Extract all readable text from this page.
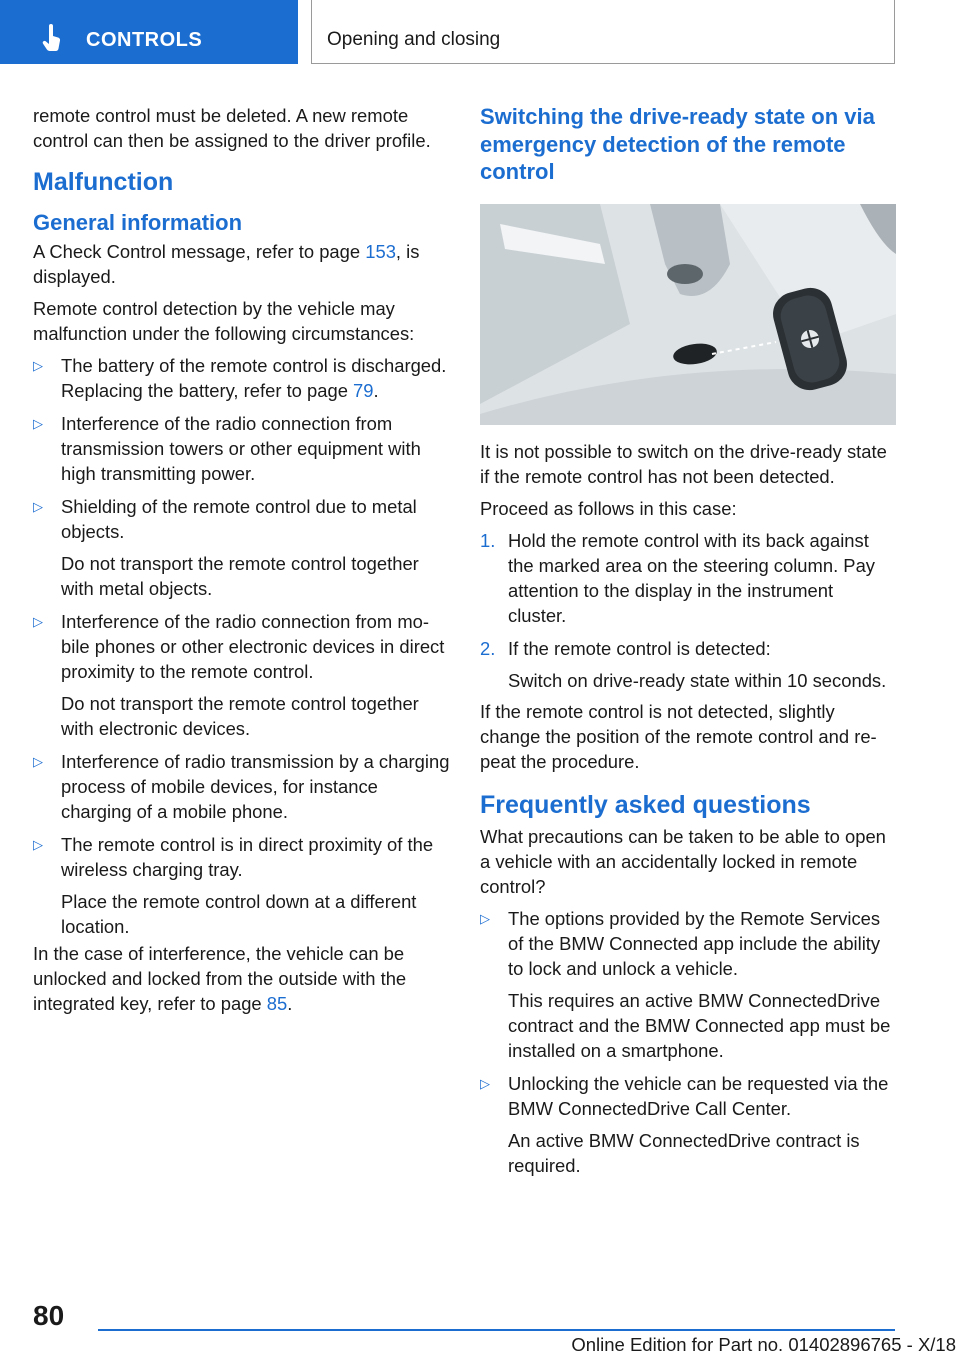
CONTROLS	Opening and closing

remote control must be deleted. A new remote control can then be assigned to the driver profile.

Malfunction
General information

A Check Control message, refer to page 153, is displayed.

Remote control detection by the vehicle may malfunction under the following circumstances:

▷ The battery of the remote control is discharged. Replacing the battery, refer to page 79.
▷ Interference of the radio connection from transmission towers or other equipment with high transmitting power.
▷ Shielding of the remote control due to metal objects.
Do not transport the remote control together with metal objects.
▷ Interference of the radio connection from mobile phones or other electronic devices in direct proximity to the remote control.
Do not transport the remote control together with electronic devices.
▷ Interference of radio transmission by a charging process of mobile devices, for instance charging of a mobile phone.
▷ The remote control is in direct proximity of the wireless charging tray.
Place the remote control down at a different location.

In the case of interference, the vehicle can be unlocked and locked from the outside with the integrated key, refer to page 85.

Switching the drive-ready state on via emergency detection of the remote control

It is not possible to switch on the drive-ready state if the remote control has not been detected.

Proceed as follows in this case:

1. Hold the remote control with its back against the marked area on the steering column. Pay attention to the display in the instrument cluster.
2. If the remote control is detected:
Switch on drive-ready state within 10 seconds.

If the remote control is not detected, slightly change the position of the remote control and repeat the procedure.

Frequently asked questions

What precautions can be taken to be able to open a vehicle with an accidentally locked in remote control?

▷ The options provided by the Remote Services of the BMW Connected app include the ability to lock and unlock a vehicle.
This requires an active BMW ConnectedDrive contract and the BMW Connected app must be installed on a smartphone.
▷ Unlocking the vehicle can be requested via the BMW ConnectedDrive Call Center.
An active BMW ConnectedDrive contract is required.
80
Online Edition for Part no. 01402896765 - X/18
